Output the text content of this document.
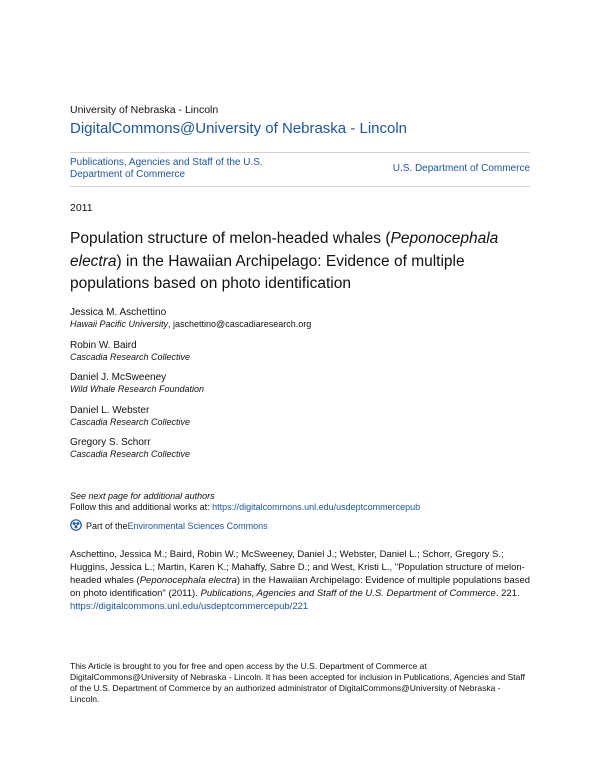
University of Nebraska - Lincoln
DigitalCommons@University of Nebraska - Lincoln
Publications, Agencies and Staff of the U.S. Department of Commerce	U.S. Department of Commerce
2011
Population structure of melon-headed whales (Peponocephala electra) in the Hawaiian Archipelago: Evidence of multiple populations based on photo identification
Jessica M. Aschettino
Hawaii Pacific University, jaschettino@cascadiaresearch.org
Robin W. Baird
Cascadia Research Collective
Daniel J. McSweeney
Wild Whale Research Foundation
Daniel L. Webster
Cascadia Research Collective
Gregory S. Schorr
Cascadia Research Collective
See next page for additional authors
Follow this and additional works at: https://digitalcommons.unl.edu/usdeptcommercepub
Part of the Environmental Sciences Commons
Aschettino, Jessica M.; Baird, Robin W.; McSweeney, Daniel J.; Webster, Daniel L.; Schorr, Gregory S.; Huggins, Jessica L.; Martin, Karen K.; Mahaffy, Sabre D.; and West, Kristi L., "Population structure of melon-headed whales (Peponocephala electra) in the Hawaiian Archipelago: Evidence of multiple populations based on photo identification" (2011). Publications, Agencies and Staff of the U.S. Department of Commerce. 221.
https://digitalcommons.unl.edu/usdeptcommercepub/221
This Article is brought to you for free and open access by the U.S. Department of Commerce at DigitalCommons@University of Nebraska - Lincoln. It has been accepted for inclusion in Publications, Agencies and Staff of the U.S. Department of Commerce by an authorized administrator of DigitalCommons@University of Nebraska - Lincoln.
